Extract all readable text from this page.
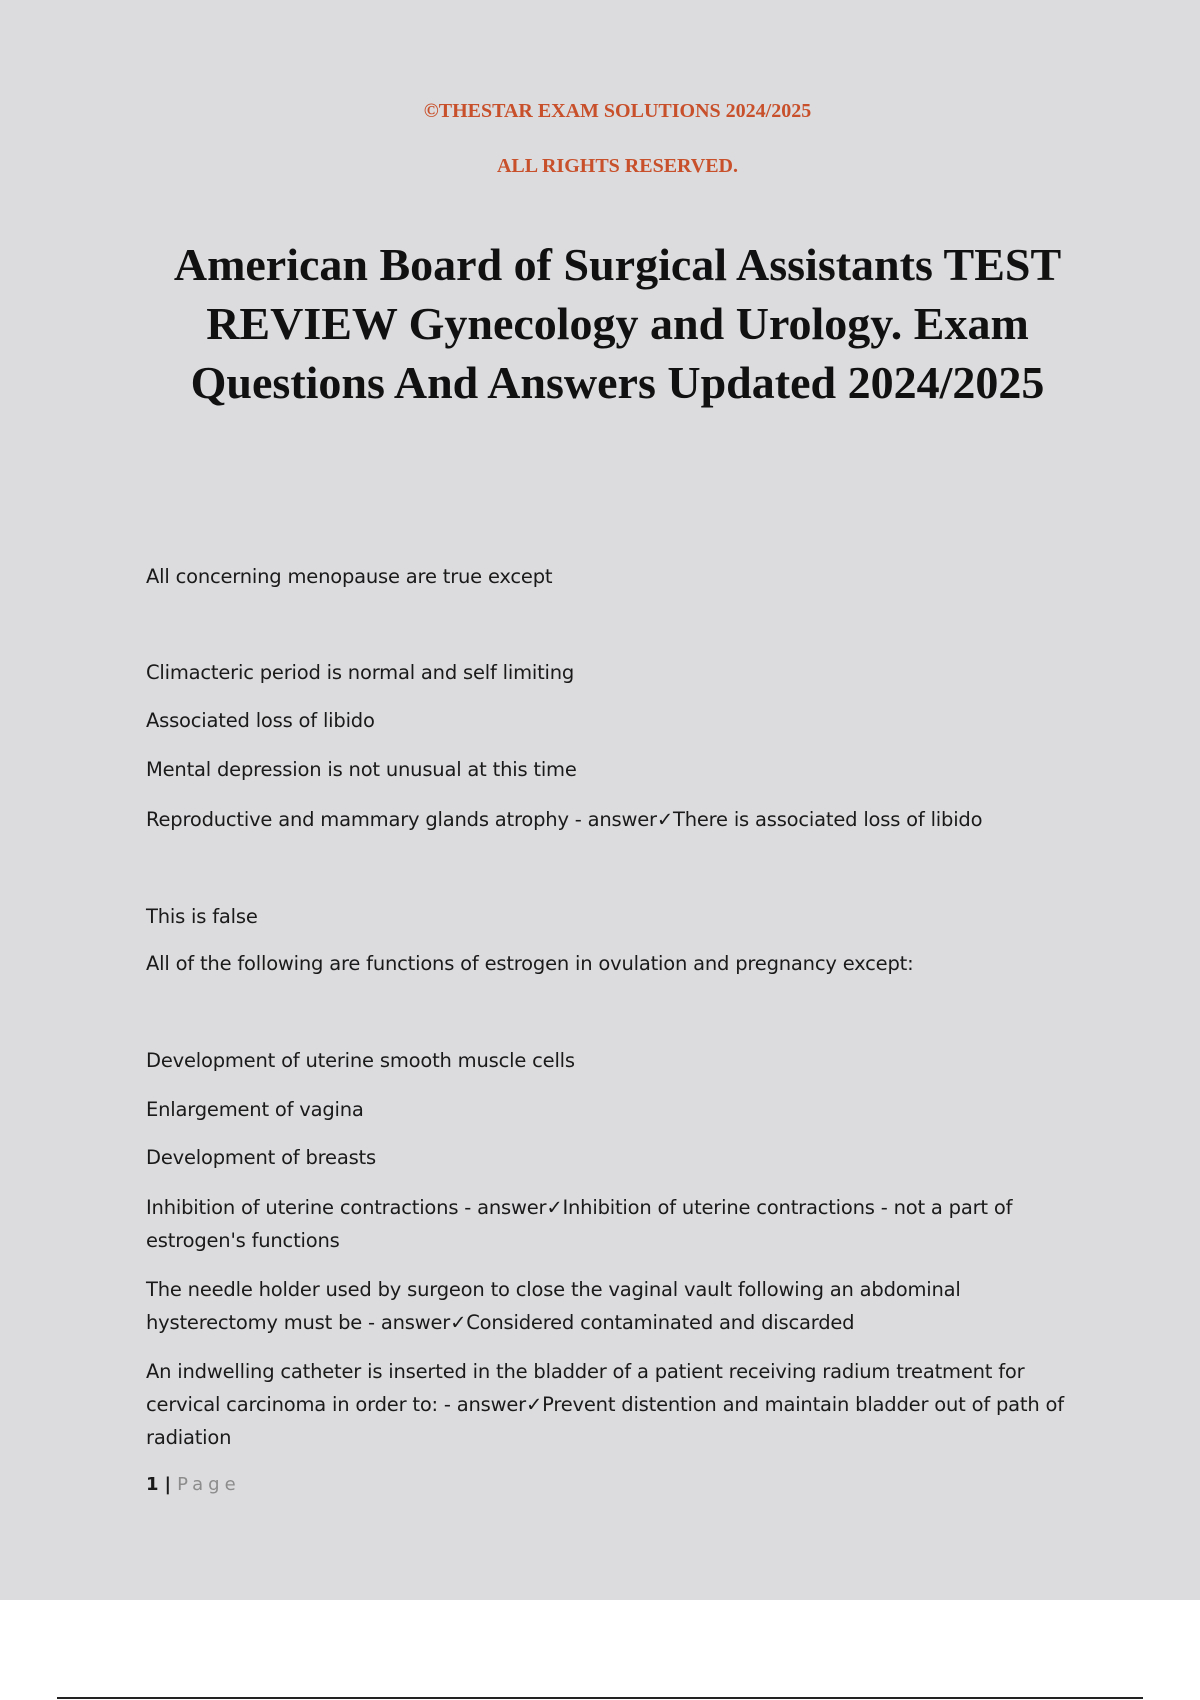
©THESTAR EXAM SOLUTIONS 2024/2025
ALL RIGHTS RESERVED.
American Board of Surgical Assistants TEST REVIEW Gynecology and Urology. Exam Questions And Answers Updated 2024/2025
All concerning menopause are true except
Climacteric period is normal and self limiting
Associated loss of libido
Mental depression is not unusual at this time
Reproductive and mammary glands atrophy - answer✓There is associated loss of libido
This is false
All of the following are functions of estrogen in ovulation and pregnancy except:
Development of uterine smooth muscle cells
Enlargement of vagina
Development of breasts
Inhibition of uterine contractions - answer✓Inhibition of uterine contractions - not a part of estrogen's functions
The needle holder used by surgeon to close the vaginal vault following an abdominal hysterectomy must be - answer✓Considered contaminated and discarded
An indwelling catheter is inserted in the bladder of a patient receiving radium treatment for cervical carcinoma in order to: - answer✓Prevent distention and maintain bladder out of path of radiation
1 | Page
